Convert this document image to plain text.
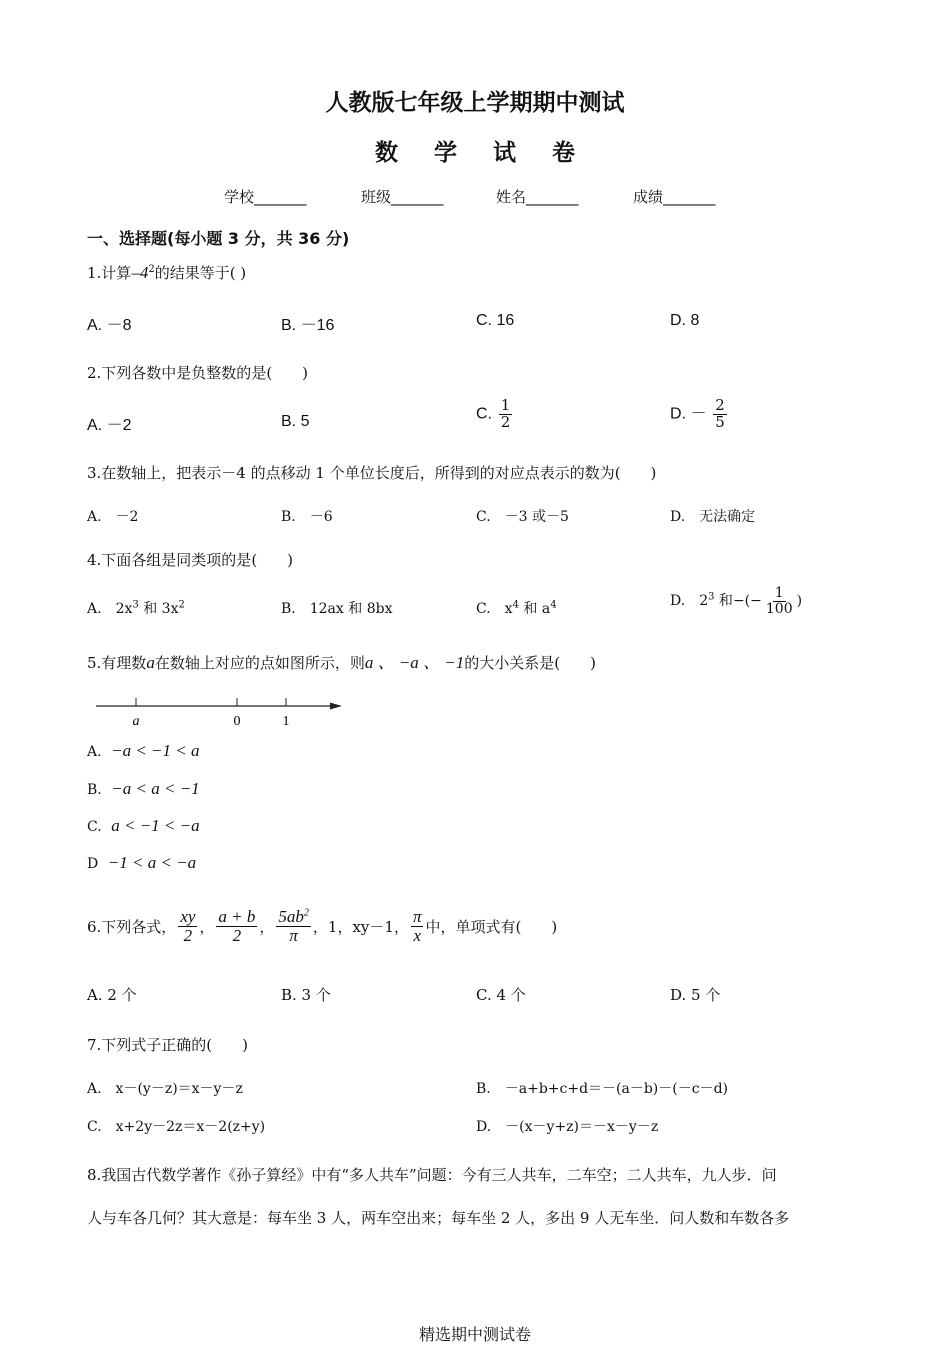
人教版七年级上学期期中测试
数 学 试 卷
学校_______	班级_______	姓名_______	成绩_______
一、选择题(每小题 3 分，共 36 分)
1.计算$-4^2$的结果等于( )
A. －8	B. －16	C. 16	D. 8
2.下列各数中是负整数的是(　　)
A. －2	B. 5	C. $\frac{1}{2}$	D. － $\frac{2}{5}$
3.在数轴上，把表示－4 的点移动 1 个单位长度后，所得到的对应点表示的数为(　　)
A.　－2	B.　－6	C.　－3 或－5	D.　无法确定
4.下面各组是同类项的是(　　)
A.　$2x^3$ 和 $3x^2$	B.　12ax 和 8bx	C.　$x^4$ 和 $a^4$	D.　$2^3$ 和−(− $\frac{1}{100}$ )
5.有理数a在数轴上对应的点如图所示，则a 、 −a 、 −1的大小关系是(　　)
a	0	1
A. −a < −1 < a
B. −a < a < −1
C. a < −1 < −a
D −1 < a < −a
6.下列各式， $\frac{xy}{2}$ ， $\frac{a + b}{2}$ ， $\frac{5ab^2}{\pi}$ ，1，xy－1， $\frac{\pi}{x}$ 中，单项式有(　　)
A. 2 个	B. 3 个	C. 4 个	D. 5 个
7.下列式子正确的(　　)
A.　x－(y－z)＝x－y－z	B.　－a+b+c+d＝－(a－b)－(－c－d)
C.　x+2y－2z＝x－2(z+y)	D.　－(x－y+z)＝－x－y－z
8.我国古代数学著作《孙子算经》中有“多人共车”问题：今有三人共车，二车空；二人共车，九人步．问
人与车各几何？其大意是：每车坐 3 人，两车空出来；每车坐 2 人，多出 9 人无车坐．问人数和车数各多
精选期中测试卷
